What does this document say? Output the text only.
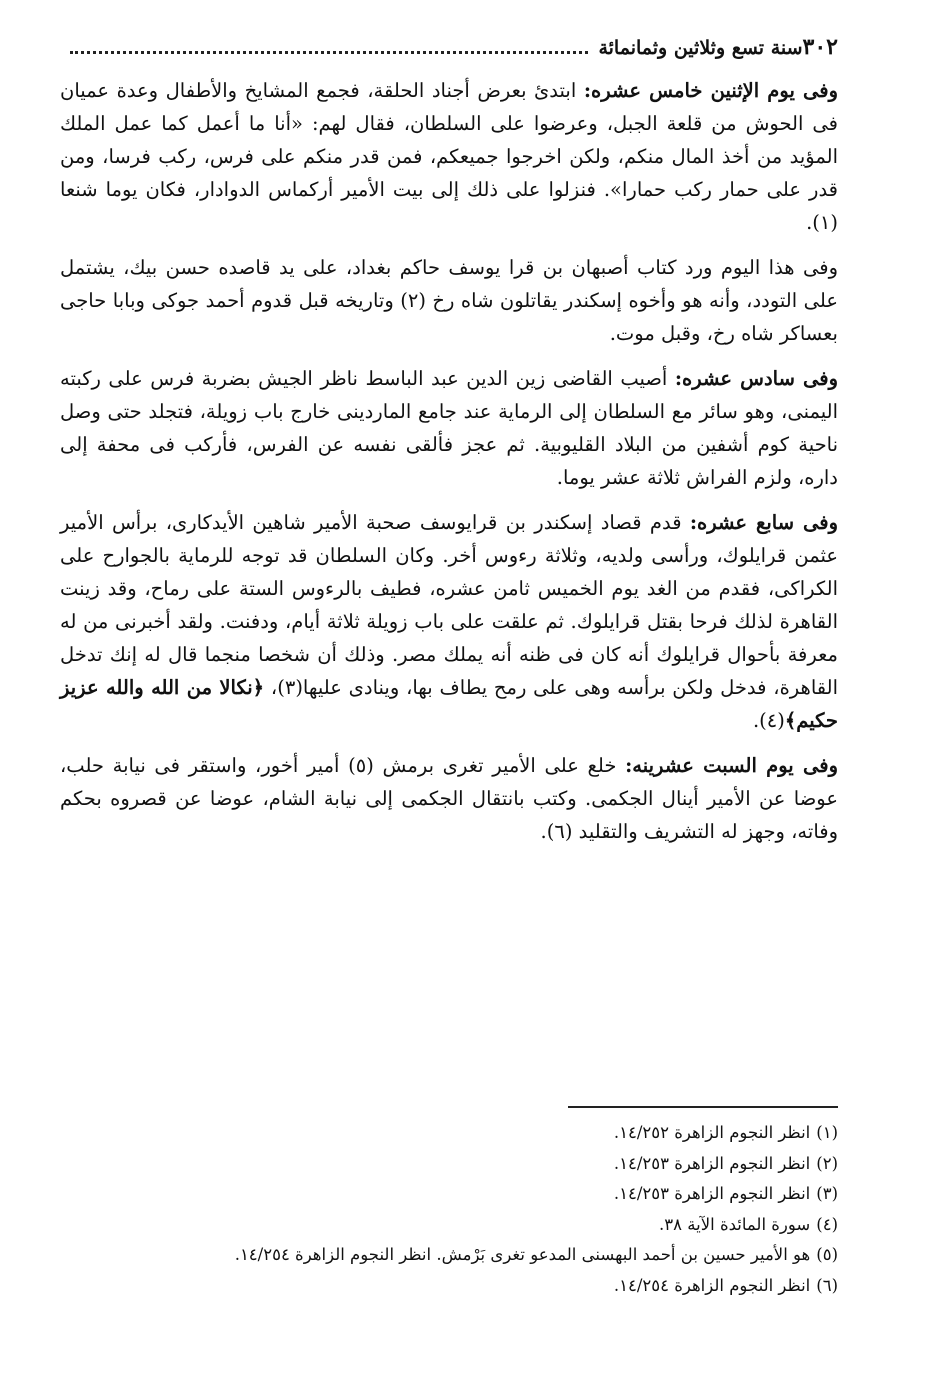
٣٠٢
سنة تسع وثلاثين وثمانمائة

وفى يوم الإثنين خامس عشره: ابتدئ بعرض أجناد الحلقة، فجمع المشايخ والأطفال وعدة عميان فى الحوش من قلعة الجبل، وعرضوا على السلطان، فقال لهم: «أنا ما أعمل كما عمل الملك المؤيد من أخذ المال منكم، ولكن اخرجوا جميعكم، فمن قدر منكم على فرس، ركب فرسا، ومن قدر على حمار ركب حمارا». فنزلوا على ذلك إلى بيت الأمير أركماس الدوادار، فكان يوما شنعا (١).

وفى هذا اليوم ورد كتاب أصبهان بن قرا يوسف حاكم بغداد، على يد قاصده حسن بيك، يشتمل على التودد، وأنه هو وأخوه إسكندر يقاتلون شاه رخ (٢) وتاريخه قبل قدوم أحمد جوكى وبابا حاجى بعساكر شاه رخ، وقبل موت.

وفى سادس عشره: أصيب القاضى زين الدين عبد الباسط ناظر الجيش بضربة فرس على ركبته اليمنى، وهو سائر مع السلطان إلى الرماية عند جامع الماردينى خارج باب زويلة، فتجلد حتى وصل ناحية كوم أشفين من البلاد القليوبية. ثم عجز فألقى نفسه عن الفرس، فأركب فى محفة إلى داره، ولزم الفراش ثلاثة عشر يوما.

وفى سابع عشره: قدم قصاد إسكندر بن قرايوسف صحبة الأمير شاهين الأيدكارى، برأس الأمير عثمن قرايلوك، ورأسى ولديه، وثلاثة رءوس أخر. وكان السلطان قد توجه للرماية بالجوارح على الكراكى، فقدم من الغد يوم الخميس ثامن عشره، فطيف بالرءوس الستة على رماح، وقد زينت القاهرة لذلك فرحا بقتل قرايلوك. ثم علقت على باب زويلة ثلاثة أيام، ودفنت. ولقد أخبرنى من له معرفة بأحوال قرايلوك أنه كان فى ظنه أنه يملك مصر. وذلك أن شخصا منجما قال له إنك تدخل القاهرة، فدخل ولكن برأسه وهى على رمح يطاف بها، وينادى عليها(٣)، ﴿نكالا من الله والله عزيز حكيم﴾(٤).

وفى يوم السبت عشرينه: خلع على الأمير تغرى برمش (٥) أمير أخور، واستقر فى نيابة حلب، عوضا عن الأمير أينال الجكمى. وكتب بانتقال الجكمى إلى نيابة الشام، عوضا عن قصروه بحكم وفاته، وجهز له التشريف والتقليد (٦).

(١)
انظر النجوم الزاهرة ١٤/٢٥٢.
(٢)
انظر النجوم الزاهرة ١٤/٢٥٣.
(٣)
انظر النجوم الزاهرة ١٤/٢٥٣.
(٤)
سورة المائدة الآية ٣٨.
(٥)
هو الأمير حسين بن أحمد البهسنى المدعو تغرى بَرْمش. انظر النجوم الزاهرة ١٤/٢٥٤.
(٦)
انظر النجوم الزاهرة ١٤/٢٥٤.
